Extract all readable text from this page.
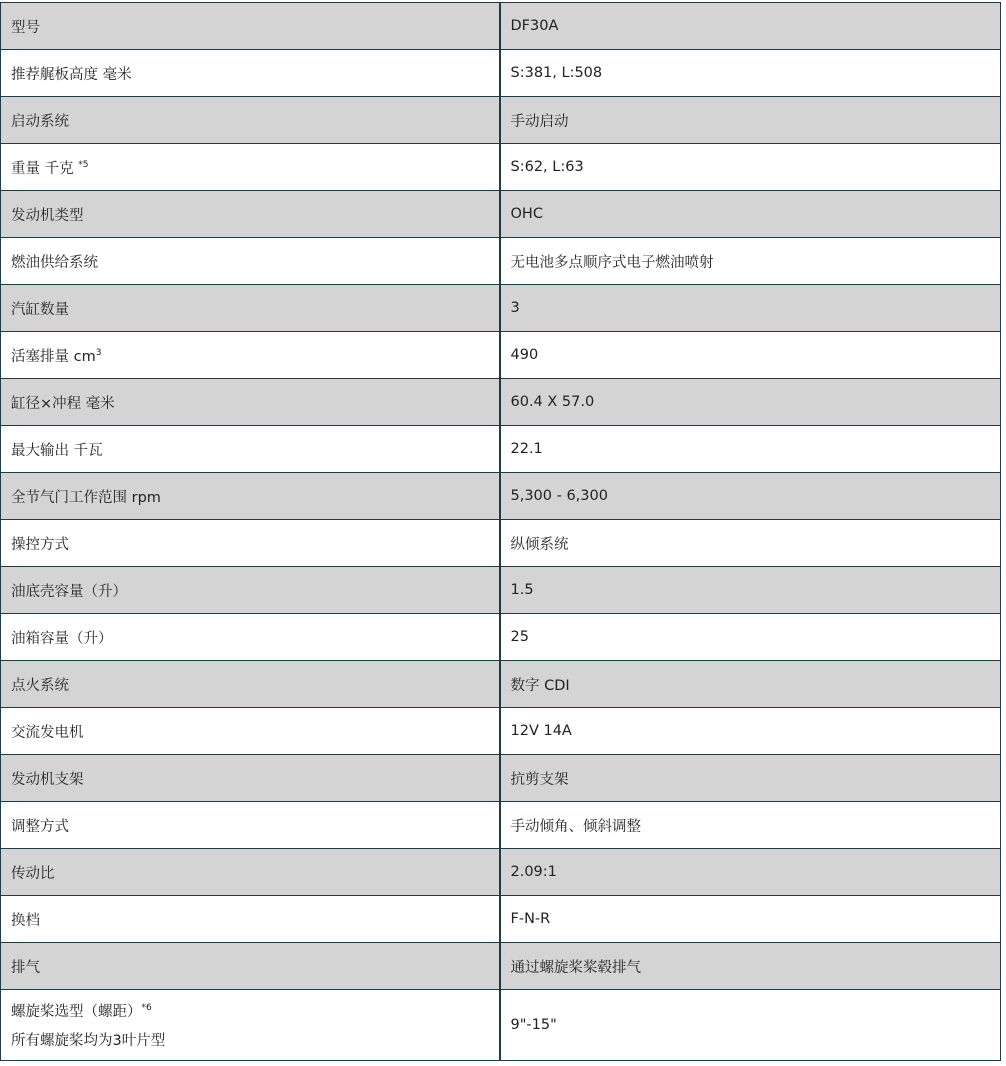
型号	DF30A
推荐艉板高度 毫米	S:381, L:508
启动系统	手动启动
重量 千克 $^{*5}$	S:62, L:63
发动机类型	OHC
燃油供给系统	无电池多点顺序式电子燃油喷射
汽缸数量	3
活塞排量 $cm^3$	490
缸径×冲程 毫米	60.4 X 57.0
最大输出 千瓦	22.1
全节气门工作范围 rpm	5,300 - 6,300
操控方式	纵倾系统
油底壳容量（升）	1.5
油箱容量（升）	25
点火系统	数字 CDI
交流发电机	12V 14A
发动机支架	抗剪支架
调整方式	手动倾角、倾斜调整
传动比	2.09:1
换档	F-N-R
排气	通过螺旋桨桨毂排气
螺旋桨选型（螺距）$^{*6}$
所有螺旋桨均为3叶片型	9"-15"
